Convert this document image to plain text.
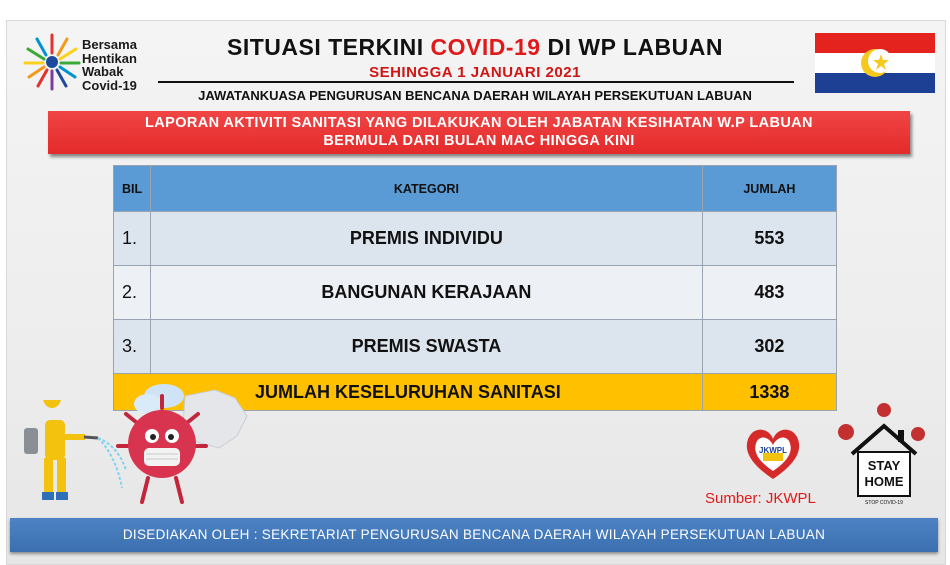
Bersama
Hentikan
Wabak
Covid-19
SITUASI TERKINI COVID-19 DI WP LABUAN
SEHINGGA 1 JANUARI 2021
JAWATANKUASA PENGURUSAN BENCANA DAERAH WILAYAH PERSEKUTUAN LABUAN
LAPORAN AKTIVITI SANITASI YANG DILAKUKAN OLEH JABATAN KESIHATAN W.P LABUAN
BERMULA DARI BULAN MAC HINGGA KINI
BIL	KATEGORI	JUMLAH
1.	PREMIS INDIVIDU	553
2.	BANGUNAN KERAJAAN	483
3.	PREMIS SWASTA	302
JUMLAH KESELURUHAN SANITASI		1338
JKWPL
Sumber: JKWPL
STAY
HOME
STOP COVID-19
DISEDIAKAN OLEH : SEKRETARIAT PENGURUSAN BENCANA DAERAH WILAYAH PERSEKUTUAN LABUAN
